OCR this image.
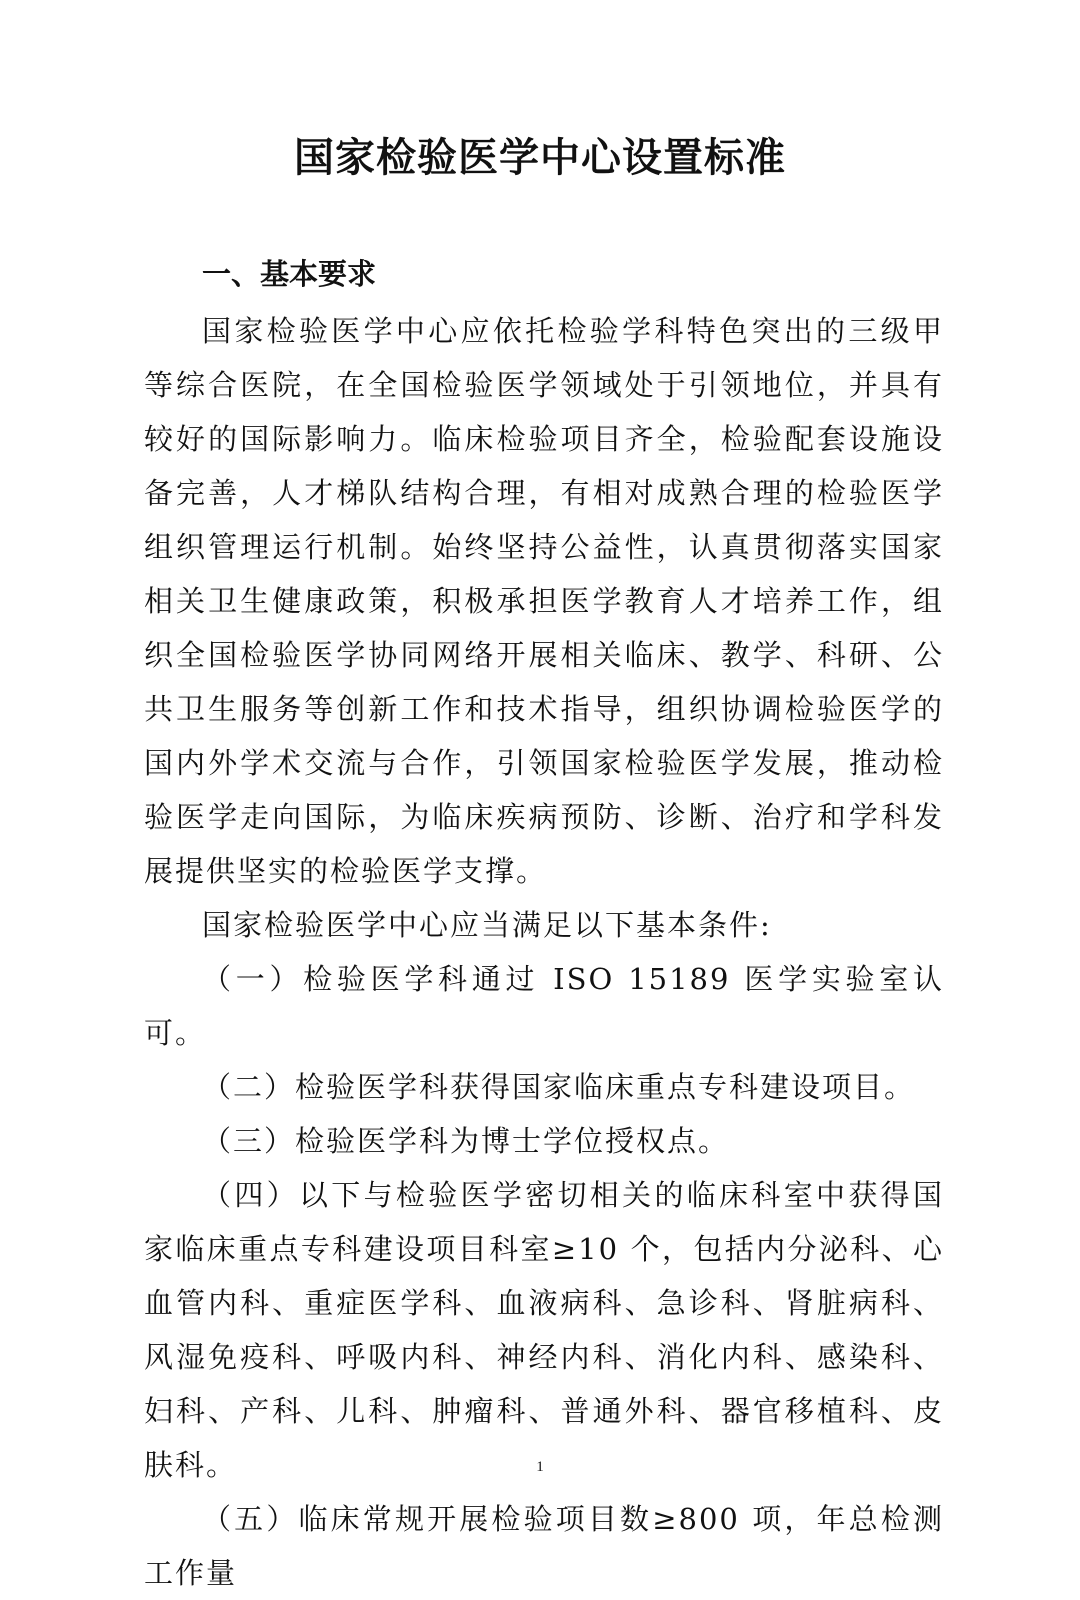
国家检验医学中心设置标准
一、基本要求

国家检验医学中心应依托检验学科特色突出的三级甲等综合医院，在全国检验医学领域处于引领地位，并具有较好的国际影响力。临床检验项目齐全，检验配套设施设备完善，人才梯队结构合理，有相对成熟合理的检验医学组织管理运行机制。始终坚持公益性，认真贯彻落实国家相关卫生健康政策，积极承担医学教育人才培养工作，组织全国检验医学协同网络开展相关临床、教学、科研、公共卫生服务等创新工作和技术指导，组织协调检验医学的国内外学术交流与合作，引领国家检验医学发展，推动检验医学走向国际，为临床疾病预防、诊断、治疗和学科发展提供坚实的检验医学支撑。

国家检验医学中心应当满足以下基本条件:

（一）检验医学科通过 ISO 15189 医学实验室认可。

（二）检验医学科获得国家临床重点专科建设项目。

（三）检验医学科为博士学位授权点。

（四）以下与检验医学密切相关的临床科室中获得国家临床重点专科建设项目科室≥10 个，包括内分泌科、心血管内科、重症医学科、血液病科、急诊科、肾脏病科、风湿免疫科、呼吸内科、神经内科、消化内科、感染科、妇科、产科、儿科、肿瘤科、普通外科、器官移植科、皮肤科。

（五）临床常规开展检验项目数≥800 项，年总检测工作量

1
